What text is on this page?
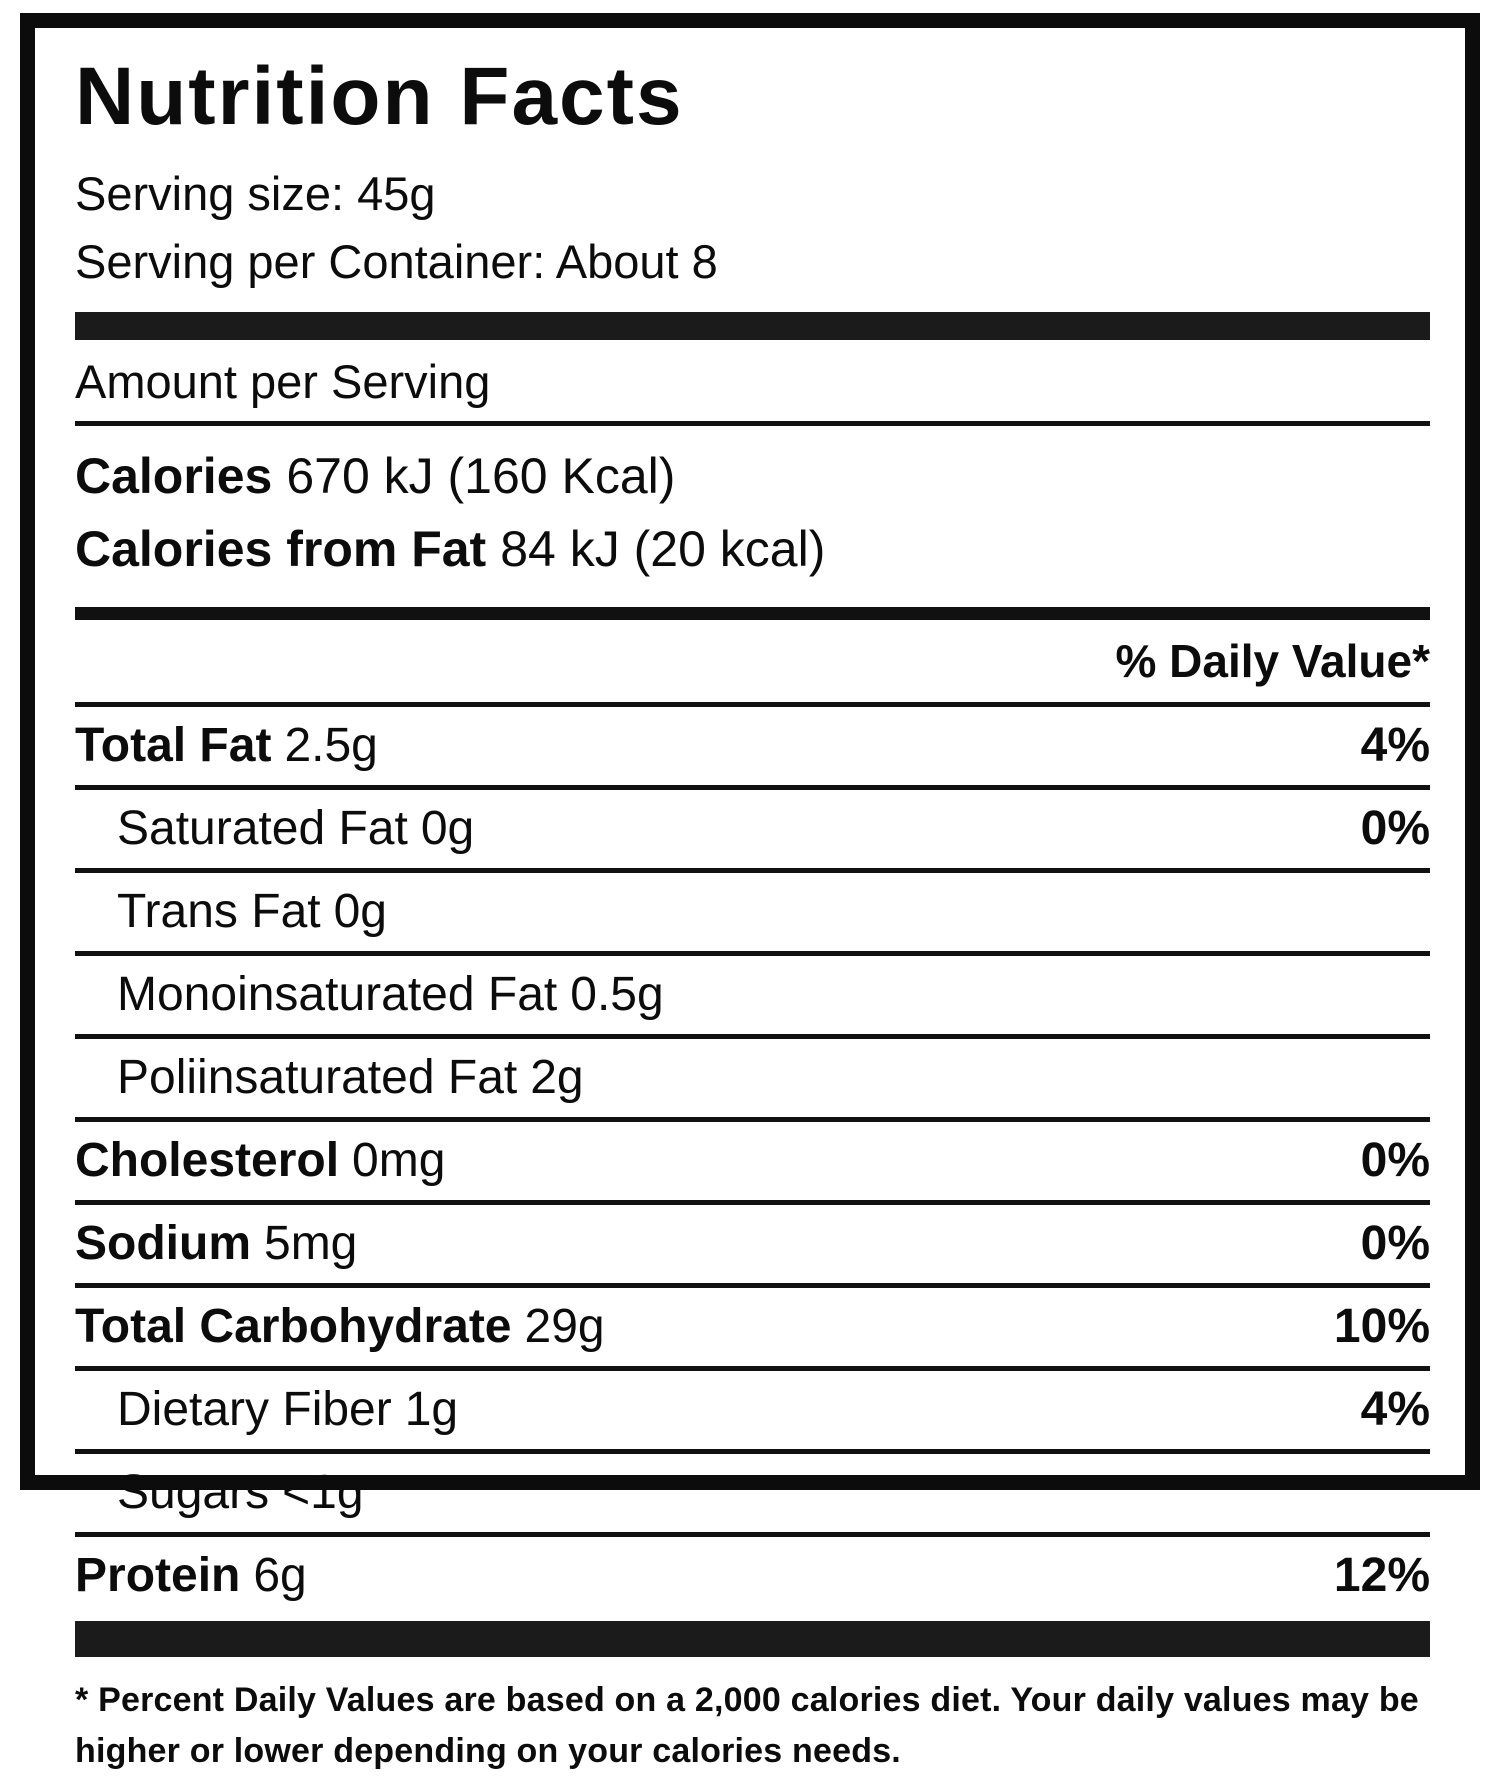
Nutrition Facts
Serving size: 45g
Serving per Container: About 8
Amount per Serving
Calories 670 kJ (160 Kcal)
Calories from Fat 84 kJ (20 kcal)
% Daily Value*
Total Fat 2.5g	4%
Saturated Fat 0g	0%
Trans Fat 0g
Monoinsaturated Fat 0.5g
Poliinsaturated Fat 2g
Cholesterol 0mg	0%
Sodium 5mg	0%
Total Carbohydrate 29g	10%
Dietary Fiber 1g	4%
Sugars <1g
Protein 6g	12%
* Percent Daily Values are based on a 2,000 calories diet. Your daily values may be higher or lower depending on your calories needs.
